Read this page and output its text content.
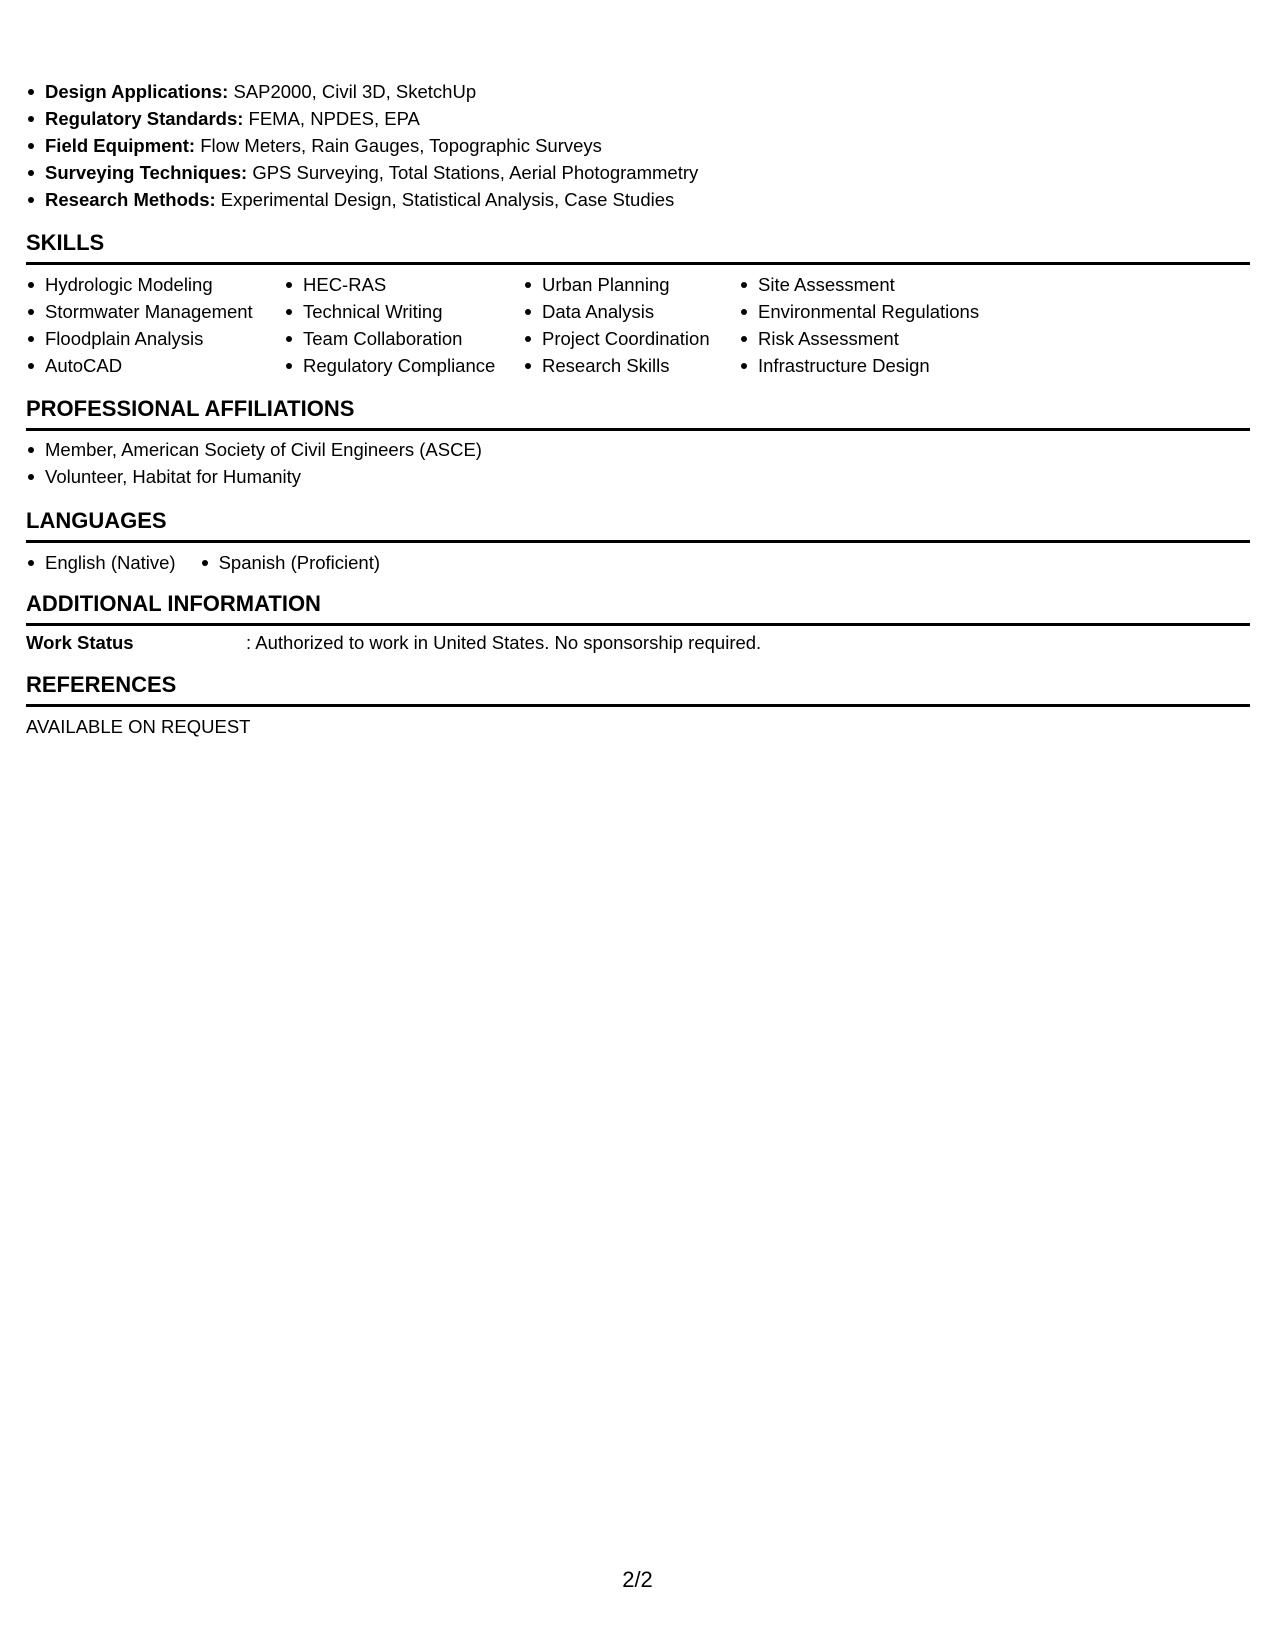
Design Applications: SAP2000, Civil 3D, SketchUp
Regulatory Standards: FEMA, NPDES, EPA
Field Equipment: Flow Meters, Rain Gauges, Topographic Surveys
Surveying Techniques: GPS Surveying, Total Stations, Aerial Photogrammetry
Research Methods: Experimental Design, Statistical Analysis, Case Studies
SKILLS
Hydrologic Modeling
Stormwater Management
Floodplain Analysis
AutoCAD
HEC-RAS
Technical Writing
Team Collaboration
Regulatory Compliance
Urban Planning
Data Analysis
Project Coordination
Research Skills
Site Assessment
Environmental Regulations
Risk Assessment
Infrastructure Design
PROFESSIONAL AFFILIATIONS
Member, American Society of Civil Engineers (ASCE)
Volunteer, Habitat for Humanity
LANGUAGES
English (Native)	Spanish (Proficient)
ADDITIONAL INFORMATION
Work Status	: Authorized to work in United States. No sponsorship required.
REFERENCES
AVAILABLE ON REQUEST
2/2
